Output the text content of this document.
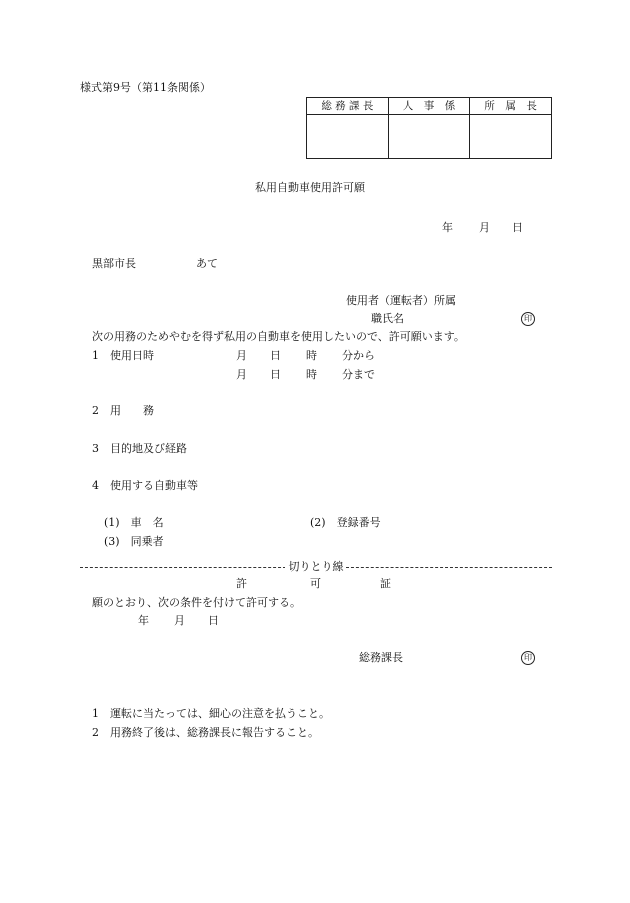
様式第9号（第11条関係）
総 務 課 長	人　事　係	所　属　長

私用自動車使用許可願
年 月 日
黒部市長	あて
使用者（運転者）所属
職氏名	印
次の用務のためやむを得ず私用の自動車を使用したいので、許可願います。
1　使用日時	月 日 時 分から
月 日 時 分まで
2　用　　務
3　目的地及び経路
4　使用する自動車等
(1)　車　名	(2)　登録番号
(3)　同乗者
切りとり線
許	可	証
願のとおり、次の条件を付けて許可する。
年 月 日
総務課長	印
1　運転に当たっては、細心の注意を払うこと。
2　用務終了後は、総務課長に報告すること。
